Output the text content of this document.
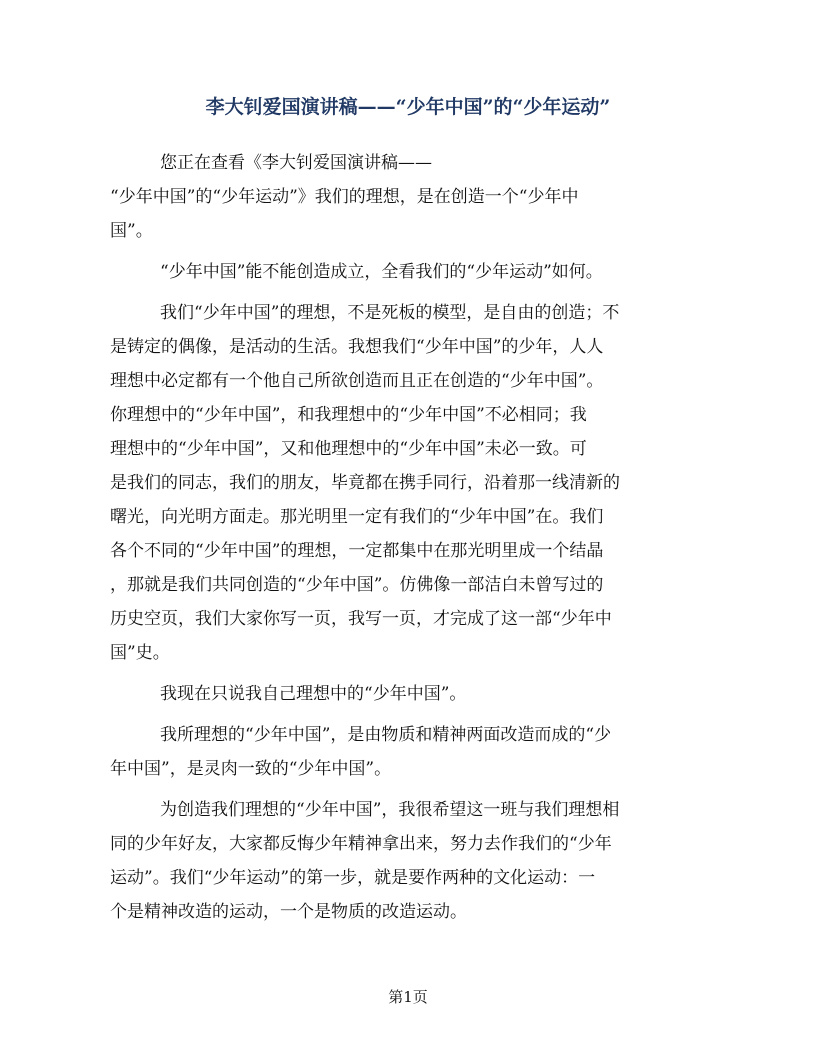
李大钊爱国演讲稿——“少年中国”的“少年运动”
您正在查看《李大钊爱国演讲稿——
“少年中国”的“少年运动”》我们的理想，是在创造一个“少年中
国”。
“少年中国”能不能创造成立，全看我们的“少年运动”如何。
我们“少年中国”的理想，不是死板的模型，是自由的创造；不
是铸定的偶像，是活动的生活。我想我们“少年中国”的少年，人人
理想中必定都有一个他自己所欲创造而且正在创造的“少年中国”。
你理想中的“少年中国”，和我理想中的“少年中国”不必相同；我
理想中的“少年中国”，又和他理想中的“少年中国”未必一致。可
是我们的同志，我们的朋友，毕竟都在携手同行，沿着那一线清新的
曙光，向光明方面走。那光明里一定有我们的“少年中国”在。我们
各个不同的“少年中国”的理想，一定都集中在那光明里成一个结晶
，那就是我们共同创造的“少年中国”。仿佛像一部洁白未曾写过的
历史空页，我们大家你写一页，我写一页，才完成了这一部“少年中
国”史。
我现在只说我自己理想中的“少年中国”。
我所理想的“少年中国”，是由物质和精神两面改造而成的“少
年中国”，是灵肉一致的“少年中国”。
为创造我们理想的“少年中国”，我很希望这一班与我们理想相
同的少年好友，大家都反悔少年精神拿出来，努力去作我们的“少年
运动”。我们“少年运动”的第一步，就是要作两种的文化运动：一
个是精神改造的运动，一个是物质的改造运动。
第1页
